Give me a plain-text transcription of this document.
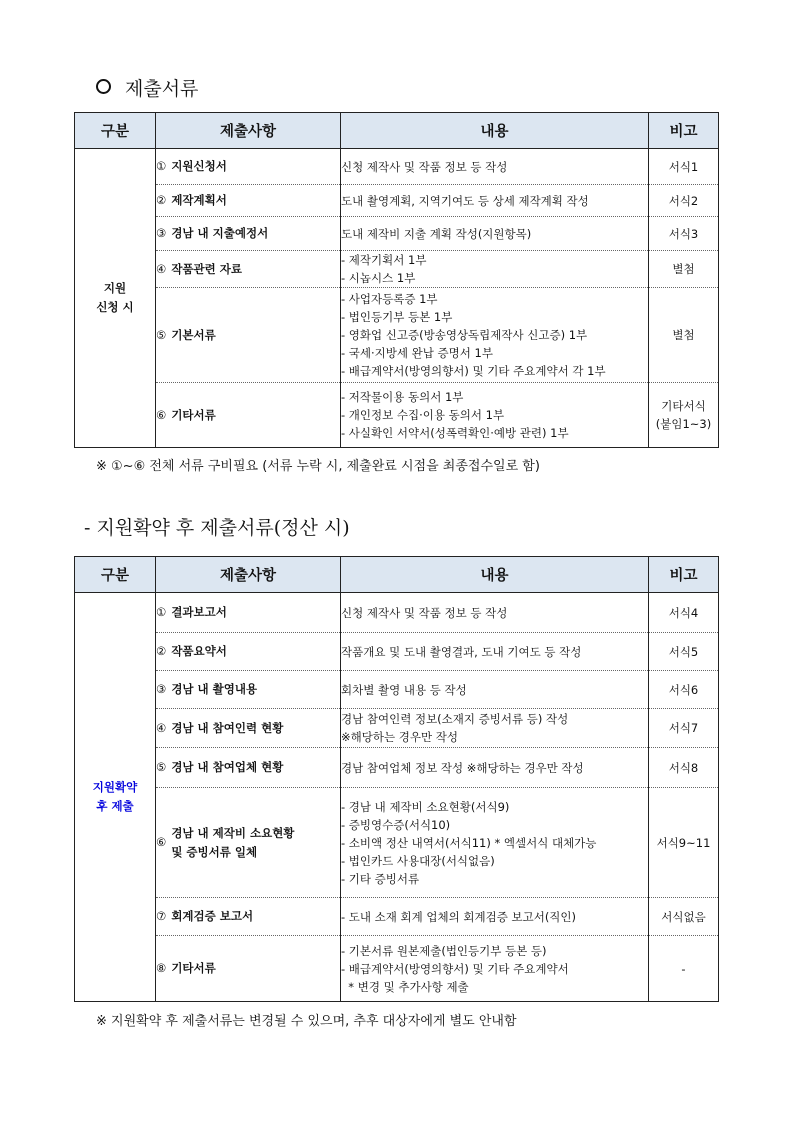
제출서류
구분	제출사항	내용	비고

지원
신청 시	① 지원신청서	신청 제작사 및 작품 정보 등 작성	서식1

	② 제작계획서	도내 촬영계획, 지역기여도 등 상세 제작계획 작성	서식2

	③ 경남 내 지출예정서	도내 제작비 지출 계획 작성(지원항목)	서식3

	④ 작품관련 자료	- 제작기획서 1부
- 시놉시스 1부	별첨

	⑤ 기본서류	- 사업자등록증 1부
- 법인등기부 등본 1부
- 영화업 신고증(방송영상독립제작사 신고증) 1부
- 국세·지방세 완납 증명서 1부
- 배급계약서(방영의향서) 및 기타 주요계약서 각 1부	별첨

	⑥ 기타서류	- 저작물이용 동의서 1부
- 개인정보 수집·이용 동의서 1부
- 사실확인 서약서(성폭력확인·예방 관련) 1부	기타서식
(붙임1~3)
※ ①~⑥ 전체 서류 구비필요 (서류 누락 시, 제출완료 시점을 최종접수일로 함)
- 지원확약 후 제출서류(정산 시)
구분	제출사항	내용	비고

지원확약
후 제출	① 결과보고서	신청 제작사 및 작품 정보 등 작성	서식4

	② 작품요약서	작품개요 및 도내 촬영결과, 도내 기여도 등 작성	서식5

	③ 경남 내 촬영내용	회차별 촬영 내용 등 작성	서식6

	④ 경남 내 참여인력 현황	경남 참여인력 정보(소재지 증빙서류 등) 작성
※해당하는 경우만 작성	서식7

	⑤ 경남 내 참여업체 현황	경남 참여업체 정보 작성 ※해당하는 경우만 작성	서식8

	⑥
경남 내 제작비 소요현황
및 증빙서류 일체	- 경남 내 제작비 소요현황(서식9)
- 증빙영수증(서식10)
- 소비액 정산 내역서(서식11) * 엑셀서식 대체가능
- 법인카드 사용대장(서식없음)
- 기타 증빙서류	서식9~11

	⑦ 회계검증 보고서	- 도내 소재 회계 업체의 회계검증 보고서(직인)	서식없음

	⑧ 기타서류	- 기본서류 원본제출(법인등기부 등본 등)
- 배급계약서(방영의향서) 및 기타 주요계약서
* 변경 및 추가사항 제출	-
※ 지원확약 후 제출서류는 변경될 수 있으며, 추후 대상자에게 별도 안내함
